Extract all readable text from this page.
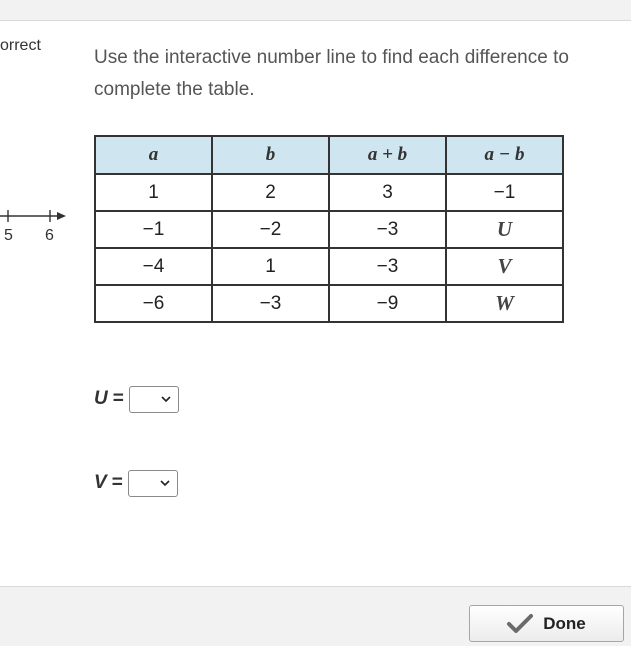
orrect
5 6
Use the interactive number line to find each difference to complete the table.
a	b	a + b	a − b
1	2	3	−1
−1	−2	−3	U
−4	1	−3	V
−6	−3	−9	W
U =
V =
Done
